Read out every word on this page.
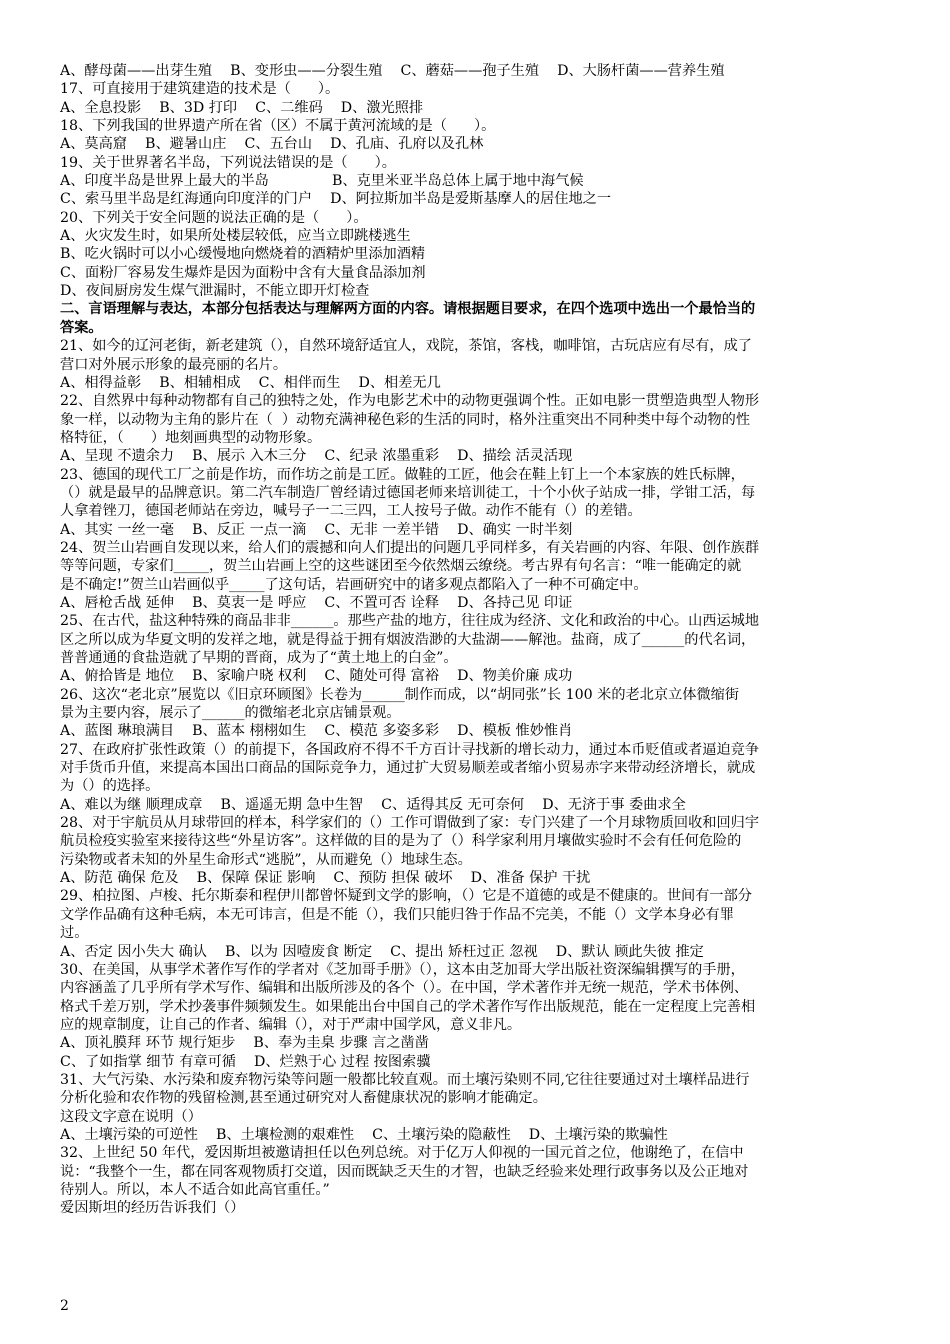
A、酵母菌——出芽生殖    B、变形虫——分裂生殖    C、蘑菇——孢子生殖    D、大肠杆菌——营养生殖
17、可直接用于建筑建造的技术是（      ）。
A、全息投影    B、3D 打印    C、二维码    D、激光照排
18、下列我国的世界遗产所在省（区）不属于黄河流域的是（      ）。
A、莫高窟    B、避暑山庄    C、五台山    D、孔庙、孔府以及孔林
19、关于世界著名半岛，下列说法错误的是（      ）。
A、印度半岛是世界上最大的半岛              B、克里米亚半岛总体上属于地中海气候
C、索马里半岛是红海通向印度洋的门户    D、阿拉斯加半岛是爱斯基摩人的居住地之一
20、下列关于安全问题的说法正确的是（      ）。
A、火灾发生时，如果所处楼层较低，应当立即跳楼逃生
B、吃火锅时可以小心缓慢地向燃烧着的酒精炉里添加酒精
C、面粉厂容易发生爆炸是因为面粉中含有大量食品添加剂
D、夜间厨房发生煤气泄漏时，不能立即开灯检查
二、言语理解与表达，本部分包括表达与理解两方面的内容。请根据题目要求，在四个选项中选出一个最恰当的
答案。
21、如今的辽河老街，新老建筑（），自然环境舒适宜人，戏院，茶馆，客栈，咖啡馆，古玩店应有尽有，成了
营口对外展示形象的最亮丽的名片。
A、相得益彰    B、相辅相成    C、相伴而生    D、相差无几
22、自然界中每种动物都有自己的独特之处，作为电影艺术中的动物更强调个性。正如电影一贯塑造典型人物形
象一样，以动物为主角的影片在（  ）动物充满神秘色彩的生活的同时，格外注重突出不同种类中每个动物的性
格特征，（      ）地刻画典型的动物形象。
A、呈现 不遗余力    B、展示 入木三分    C、纪录 浓墨重彩    D、描绘 活灵活现
23、德国的现代工厂之前是作坊，而作坊之前是工匠。做鞋的工匠，他会在鞋上钉上一个本家族的姓氏标牌，
（）就是最早的品牌意识。第二汽车制造厂曾经请过德国老师来培训徒工，十个小伙子站成一排，学钳工活，每
人拿着锉刀，德国老师站在旁边，喊号子一二三四，工人按号子做。动作不能有（）的差错。
A、其实 一丝一毫    B、反正 一点一滴    C、无非 一差半错    D、确实 一时半刻
24、贺兰山岩画自发现以来，给人们的震撼和向人们提出的问题几乎同样多，有关岩画的内容、年限、创作族群
等等问题，专家们_____，贺兰山岩画上空的这些谜团至今依然烟云缭绕。考古界有句名言：“唯一能确定的就
是不确定!”贺兰山岩画似乎_____了这句话，岩画研究中的诸多观点都陷入了一种不可确定中。
A、唇枪舌战 延伸    B、莫衷一是 呼应    C、不置可否 诠释    D、各持己见 印证
25、在古代，盐这种特殊的商品非非______。那些产盐的地方，往往成为经济、文化和政治的中心。山西运城地
区之所以成为华夏文明的发祥之地，就是得益于拥有烟波浩渺的大盐湖——解池。盐商，成了______的代名词，
普普通通的食盐造就了早期的晋商，成为了“黄土地上的白金”。
A、俯拾皆是 地位    B、家喻户晓 权利    C、随处可得 富裕    D、物美价廉 成功
26、这次“老北京”展览以《旧京环顾图》长卷为______制作而成，以“胡同张”长 100 米的老北京立体微缩街
景为主要内容，展示了______的微缩老北京店铺景观。
A、蓝图 琳琅满目    B、蓝本 栩栩如生    C、模范 多姿多彩    D、模板 惟妙惟肖
27、在政府扩张性政策（）的前提下，各国政府不得不千方百计寻找新的增长动力，通过本币贬值或者逼迫竞争
对手货币升值，来提高本国出口商品的国际竞争力，通过扩大贸易顺差或者缩小贸易赤字来带动经济增长，就成
为（）的选择。
A、难以为继 顺理成章    B、遥遥无期 急中生智    C、适得其反 无可奈何    D、无济于事 委曲求全
28、对于宇航员从月球带回的样本，科学家们的（）工作可谓做到了家：专门兴建了一个月球物质回收和回归宇
航员检疫实验室来接待这些“外星访客”。这样做的目的是为了（）科学家利用月壤做实验时不会有任何危险的
污染物或者未知的外星生命形式“逃脱”，从而避免（）地球生态。
A、防范 确保 危及    B、保障 保证 影响    C、预防 担保 破坏    D、准备 保护 干扰
29、柏拉图、卢梭、托尔斯泰和程伊川都曾怀疑到文学的影响，（）它是不道德的或是不健康的。世间有一部分
文学作品确有这种毛病，本无可讳言，但是不能（），我们只能归咎于作品不完美，不能（）文学本身必有罪
过。
A、否定 因小失大 确认    B、以为 因噎废食 断定    C、提出 矫枉过正 忽视    D、默认 顾此失彼 推定
30、在美国，从事学术著作写作的学者对《芝加哥手册》（），这本由芝加哥大学出版社资深编辑撰写的手册，
内容涵盖了几乎所有学术写作、编辑和出版所涉及的各个（）。在中国，学术著作并无统一规范，学术书体例、
格式千差万别，学术抄袭事件频频发生。如果能出台中国自己的学术著作写作出版规范，能在一定程度上完善相
应的规章制度，让自己的作者、编辑（），对于严肃中国学风，意义非凡。
A、顶礼膜拜 环节 规行矩步    B、奉为圭臬 步骤 言之凿凿
C、了如指掌 细节 有章可循    D、烂熟于心 过程 按图索骥
31、大气污染、水污染和废弃物污染等问题一般都比较直观。而土壤污染则不同,它往往要通过对土壤样品进行
分析化验和农作物的残留检测,甚至通过研究对人畜健康状况的影响才能确定。
这段文字意在说明（）
A、土壤污染的可逆性    B、土壤检测的艰难性    C、土壤污染的隐蔽性    D、土壤污染的欺骗性
32、上世纪 50 年代，爱因斯坦被邀请担任以色列总统。对于亿万人仰视的一国元首之位，他谢绝了，在信中
说：“我整个一生，都在同客观物质打交道，因而既缺乏天生的才智，也缺乏经验来处理行政事务以及公正地对
待别人。所以，本人不适合如此高官重任。”
爱因斯坦的经历告诉我们（）
2
